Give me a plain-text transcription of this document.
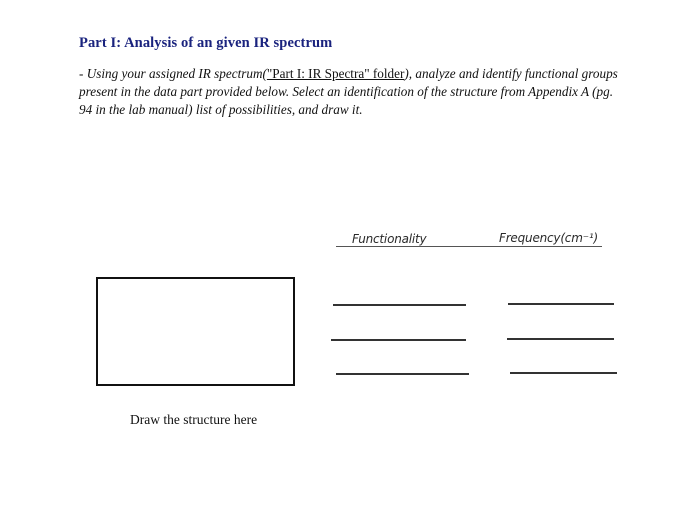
Part I: Analysis of an given IR spectrum
- Using your assigned IR spectrum("Part I: IR Spectra" folder), analyze and identify functional groups present in the data part provided below. Select an identification of the structure from Appendix A (pg. 94 in the lab manual) list of possibilities, and draw it.
Functionality	Frequency(cm⁻¹)
Draw the structure here
